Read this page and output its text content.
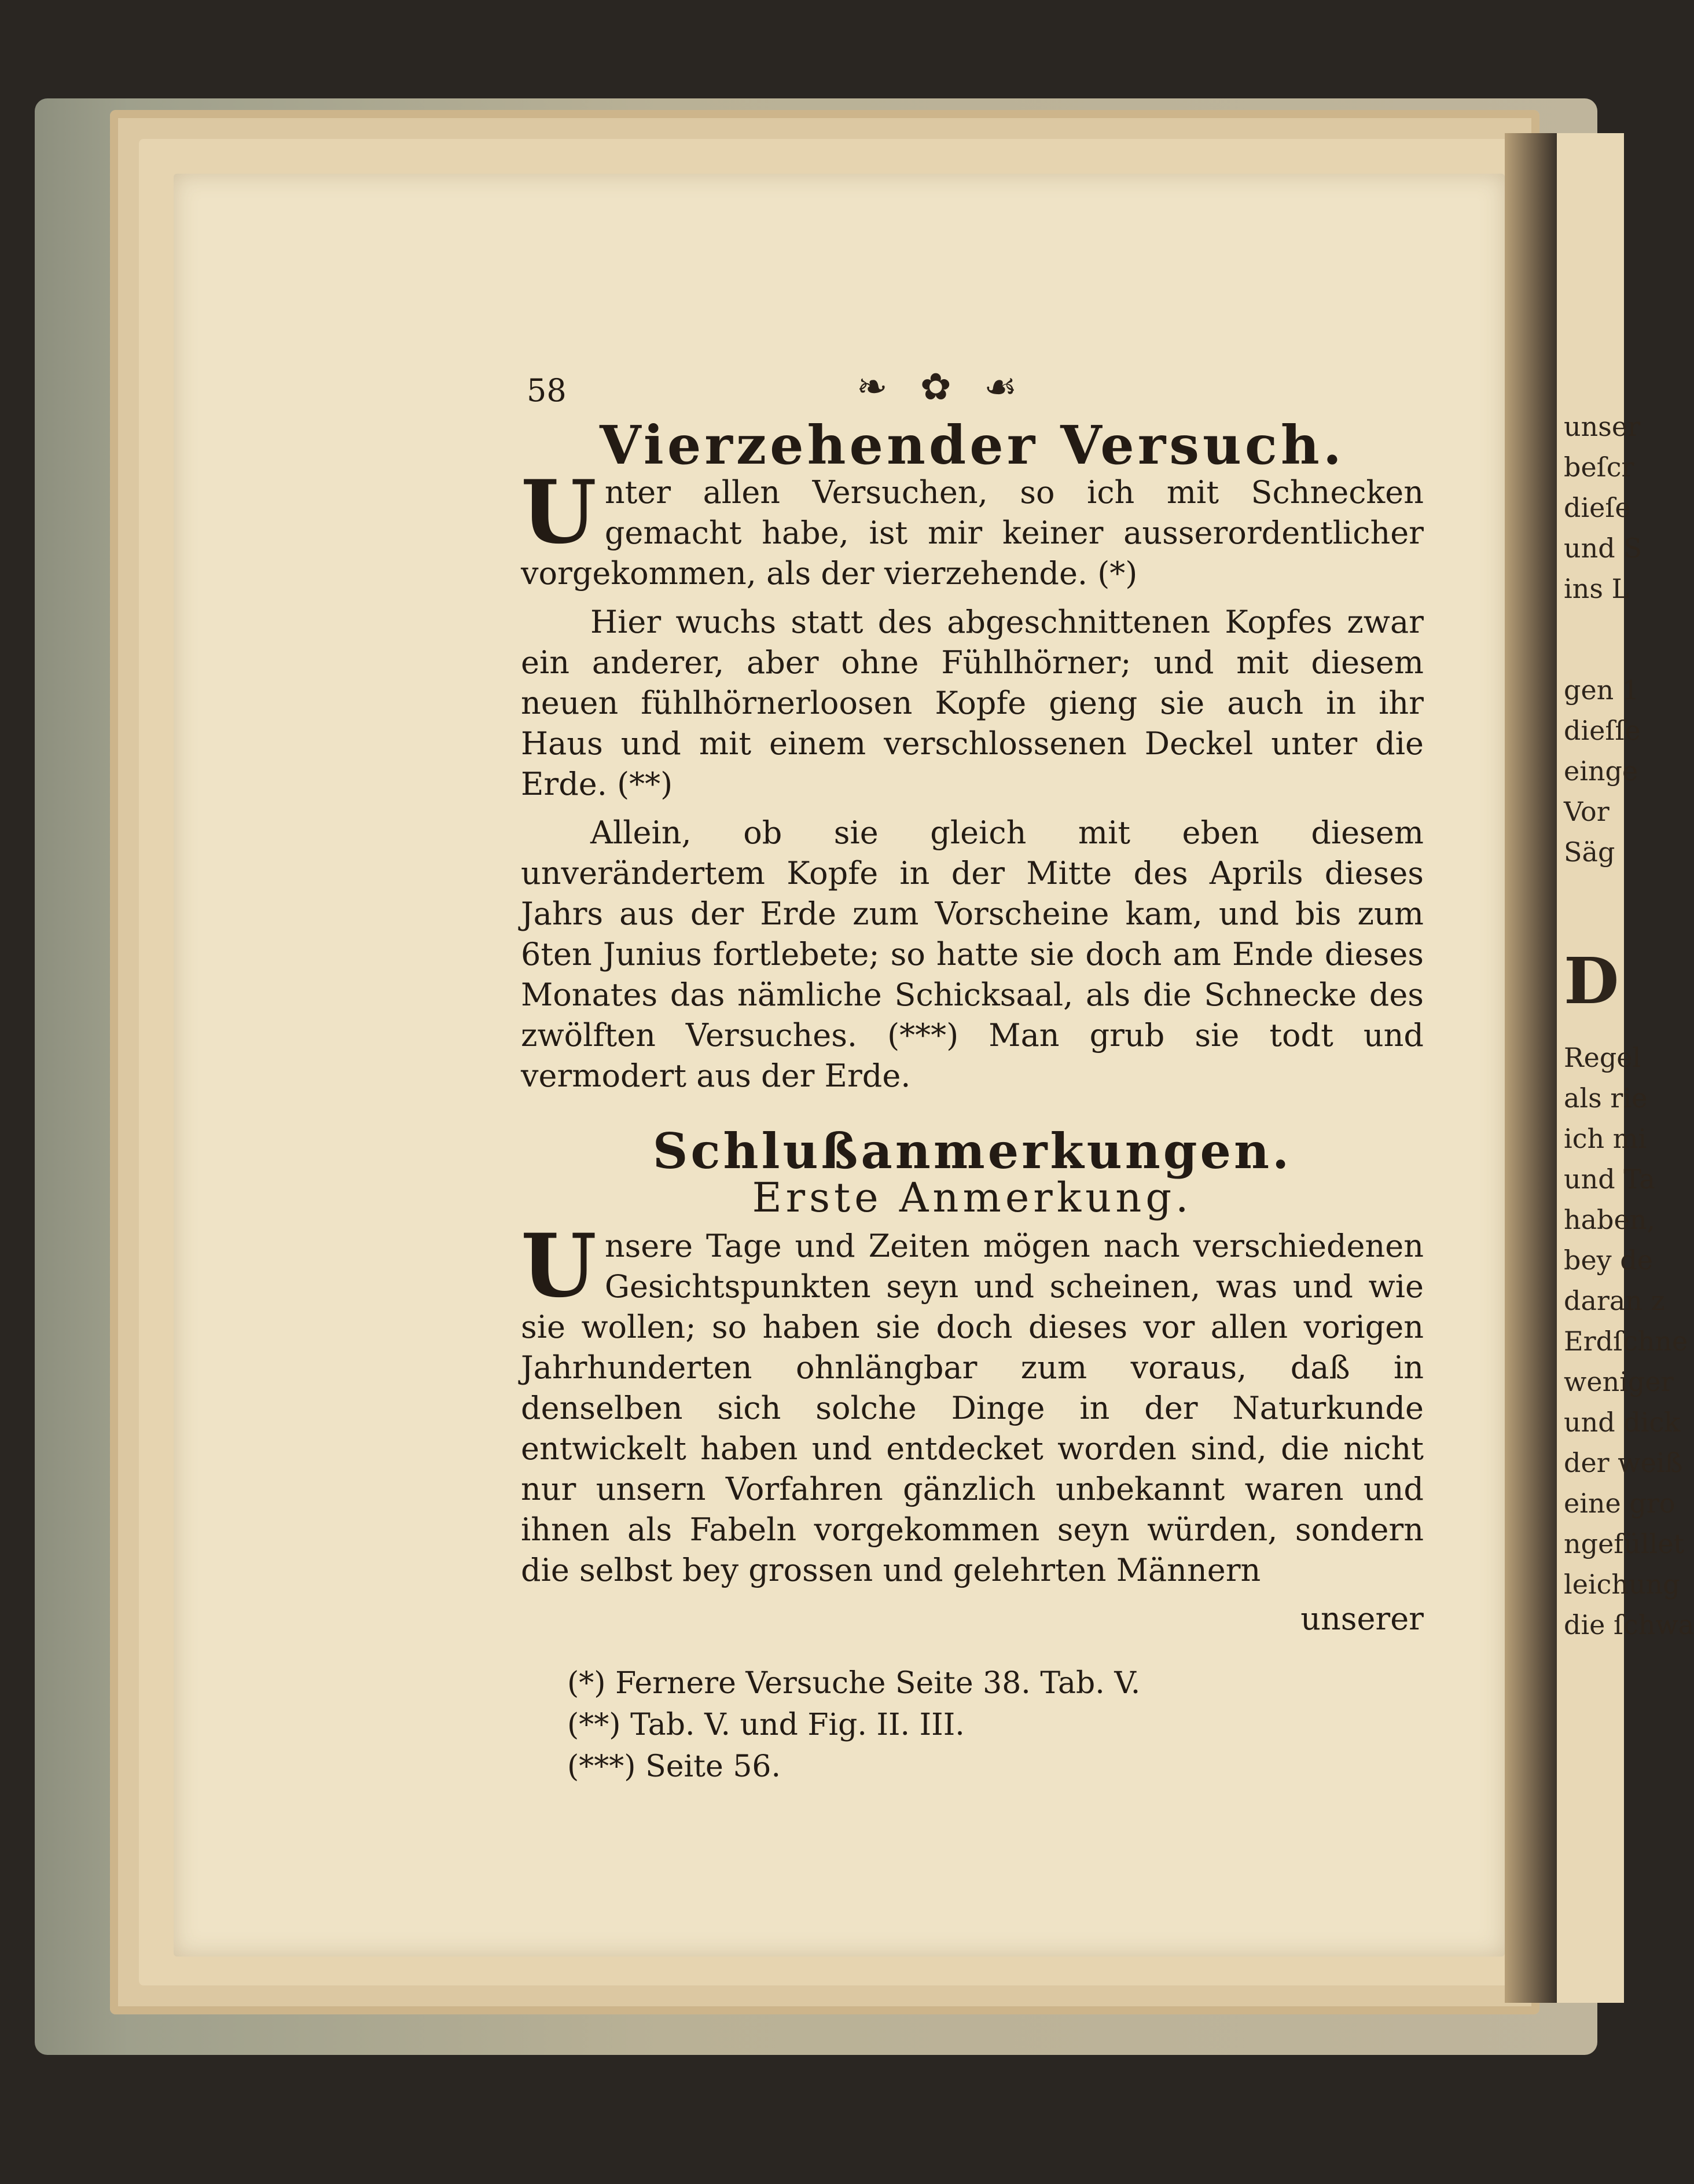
unser
beſcr
dieſe
und S
ins L
gen 1
dieſſe
einge
Vor
Säg
D
Regel
als rie
ich mi
und Ta
haben,
bey de
daran z
Erdſchne
weniger
und dick
der weiß
eine gro
ngefüllet
leichung
die ſchwa
58	❧ ✿ ☙
Vierzehender Versuch.

Unter allen Versuchen, so ich mit Schnecken gemacht habe, ist mir keiner ausserordentlicher vorgekommen, als der vierzehende. (*)

Hier wuchs statt des abgeschnittenen Kopfes zwar ein anderer, aber ohne Fühlhörner; und mit diesem neuen fühlhörnerloosen Kopfe gieng sie auch in ihr Haus und mit einem verschlossenen Deckel unter die Erde. (**)

Allein, ob sie gleich mit eben diesem unverändertem Kopfe in der Mitte des Aprils dieses Jahrs aus der Erde zum Vorscheine kam, und bis zum 6ten Junius fortlebete; so hatte sie doch am Ende dieses Monates das nämliche Schicksaal, als die Schnecke des zwölften Versuches. (***) Man grub sie todt und vermodert aus der Erde.

Schlußanmerkungen.
Erste Anmerkung.

Unsere Tage und Zeiten mögen nach verschiedenen Gesichtspunkten seyn und scheinen, was und wie sie wollen; so haben sie doch dieses vor allen vorigen Jahrhunderten ohnlängbar zum voraus, daß in denselben sich solche Dinge in der Naturkunde entwickelt haben und entdecket worden sind, die nicht nur unsern Vorfahren gänzlich unbekannt waren und ihnen als Fabeln vorgekommen seyn würden, sondern die selbst bey grossen und gelehrten Männern

unserer

(*) Fernere Versuche Seite 38. Tab. V.
(**) Tab. V. und Fig. II. III.
(***) Seite 56.
